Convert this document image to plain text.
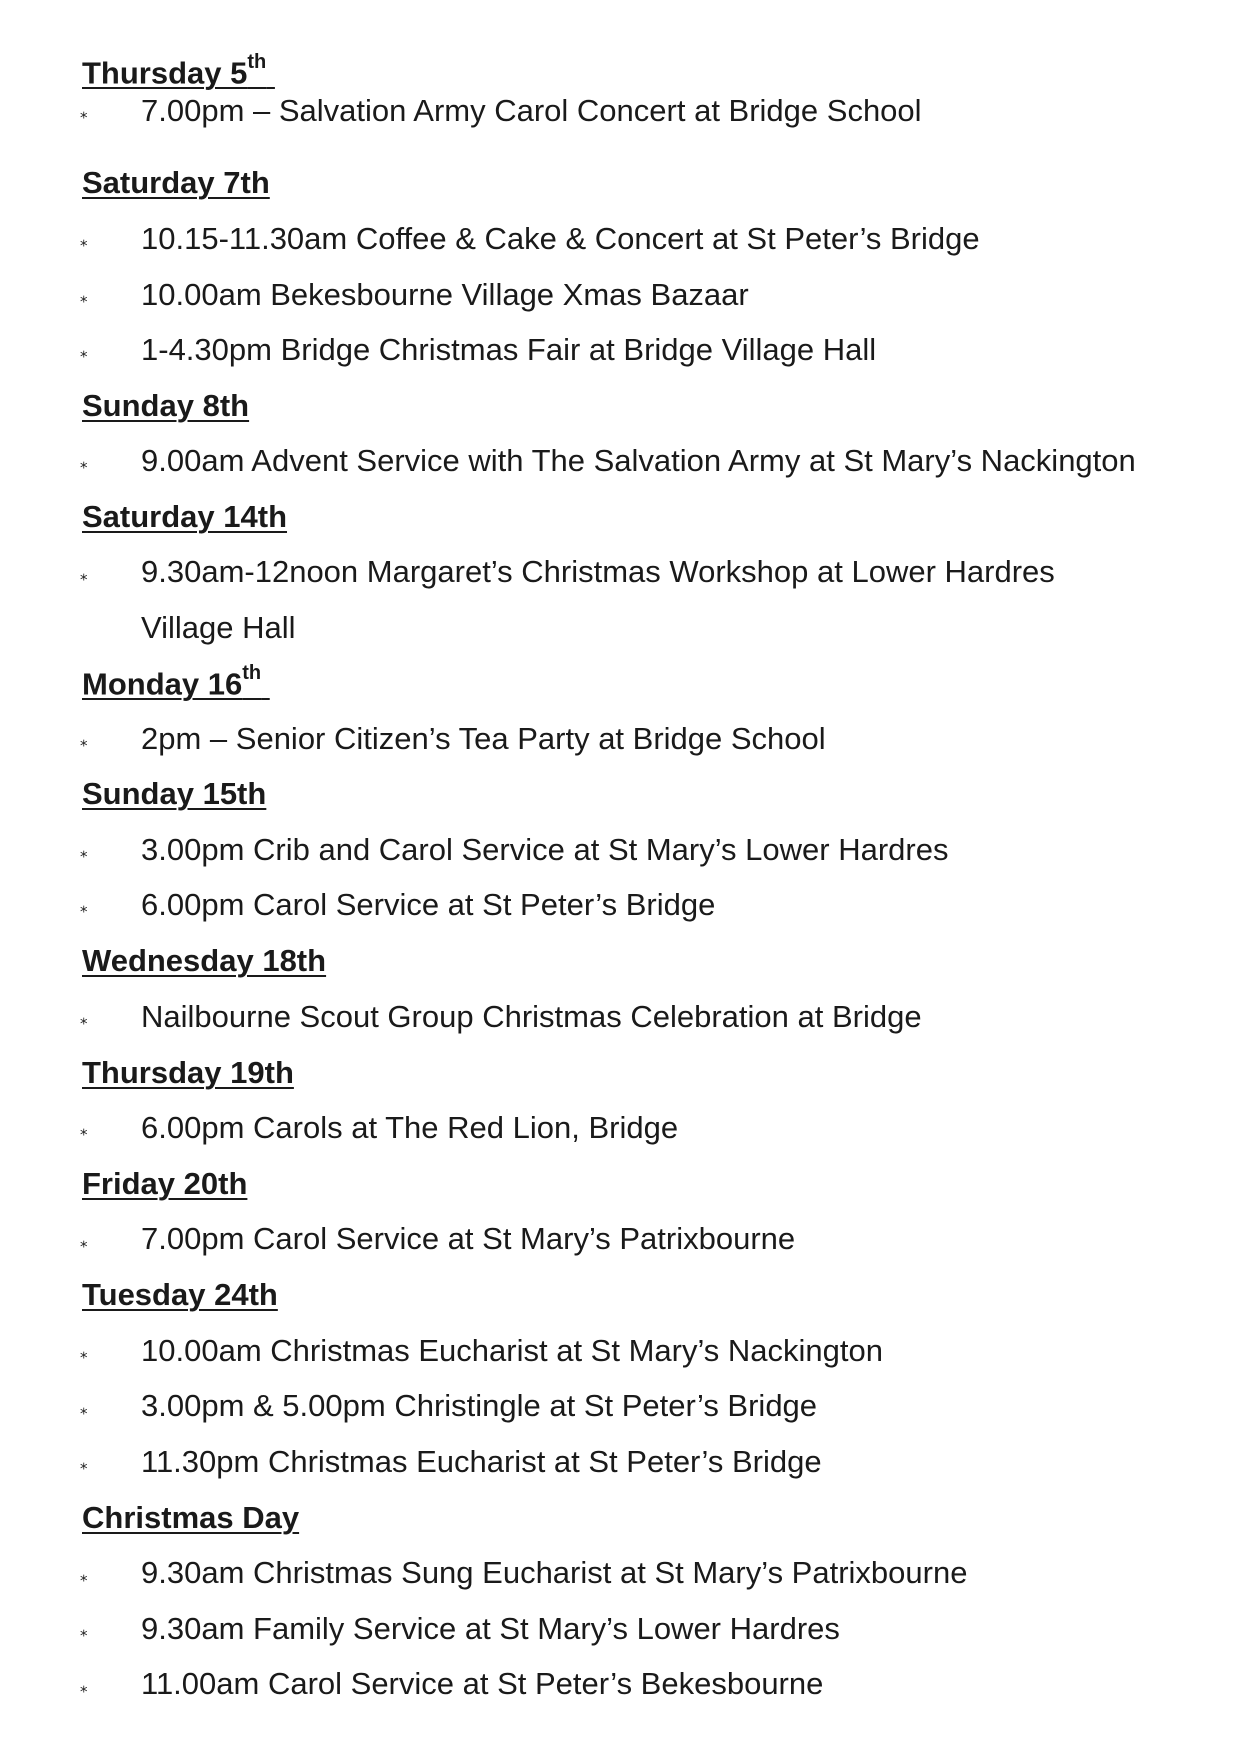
Thursday 5th
⁎ 7.00pm – Salvation Army Carol Concert at Bridge School
Saturday 7th
⁎ 10.15-11.30am Coffee & Cake & Concert at St Peter’s Bridge
⁎ 10.00am Bekesbourne Village Xmas Bazaar
⁎ 1-4.30pm Bridge Christmas Fair at Bridge Village Hall
Sunday 8th
⁎ 9.00am Advent Service with The Salvation Army at St Mary’s Nackington
Saturday 14th
⁎ 9.30am-12noon Margaret’s Christmas Workshop at Lower Hardres
Village Hall
Monday 16th
⁎ 2pm – Senior Citizen’s Tea Party at Bridge School
Sunday 15th
⁎ 3.00pm Crib and Carol Service at St Mary’s Lower Hardres
⁎ 6.00pm Carol Service at St Peter’s Bridge
Wednesday 18th
⁎ Nailbourne Scout Group Christmas Celebration at Bridge
Thursday 19th
⁎ 6.00pm Carols at The Red Lion, Bridge
Friday 20th
⁎ 7.00pm Carol Service at St Mary’s Patrixbourne
Tuesday 24th
⁎ 10.00am Christmas Eucharist at St Mary’s Nackington
⁎ 3.00pm & 5.00pm Christingle at St Peter’s Bridge
⁎ 11.30pm Christmas Eucharist at St Peter’s Bridge
Christmas Day
⁎ 9.30am Christmas Sung Eucharist at St Mary’s Patrixbourne
⁎ 9.30am Family Service at St Mary’s Lower Hardres
⁎ 11.00am Carol Service at St Peter’s Bekesbourne
